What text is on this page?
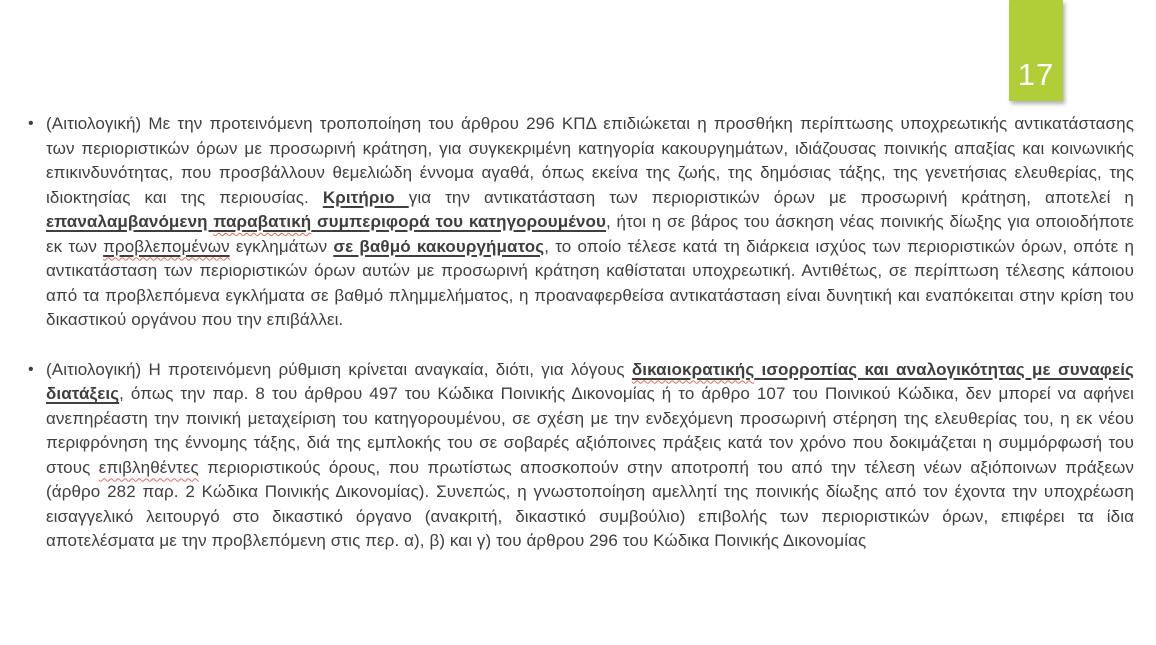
17
• (Αιτιολογική) Με την προτεινόμενη τροποποίηση του άρθρου 296 ΚΠΔ επιδιώκεται η προσθήκη περίπτωσης υποχρεωτικής αντικατάστασης των περιοριστικών όρων με προσωρινή κράτηση, για συγκεκριμένη κατηγορία κακουργημάτων, ιδιάζουσας ποινικής απαξίας και κοινωνικής επικινδυνότητας, που προσβάλλουν θεμελιώδη έννομα αγαθά, όπως εκείνα της ζωής, της δημόσιας τάξης, της γενετήσιας ελευθερίας, της ιδιοκτησίας και της περιουσίας. Κριτήριο για την αντικατάσταση των περιοριστικών όρων με προσωρινή κράτηση, αποτελεί η επαναλαμβανόμενη παραβατική συμπεριφορά του κατηγορουμένου, ήτοι η σε βάρος του άσκηση νέας ποινικής δίωξης για οποιοδήποτε εκ των προβλεπομένων εγκλημάτων σε βαθμό κακουργήματος, το οποίο τέλεσε κατά τη διάρκεια ισχύος των περιοριστικών όρων, οπότε η αντικατάσταση των περιοριστικών όρων αυτών με προσωρινή κράτηση καθίσταται υποχρεωτική. Αντιθέτως, σε περίπτωση τέλεσης κάποιου από τα προβλεπόμενα εγκλήματα σε βαθμό πλημμελήματος, η προαναφερθείσα αντικατάσταση είναι δυνητική και εναπόκειται στην κρίση του δικαστικού οργάνου που την επιβάλλει.
• (Αιτιολογική) Η προτεινόμενη ρύθμιση κρίνεται αναγκαία, διότι, για λόγους δικαιοκρατικής ισορροπίας και αναλογικότητας με συναφείς διατάξεις, όπως την παρ. 8 του άρθρου 497 του Κώδικα Ποινικής Δικονομίας ή το άρθρο 107 του Ποινικού Κώδικα, δεν μπορεί να αφήνει ανεπηρέαστη την ποινική μεταχείριση του κατηγορουμένου, σε σχέση με την ενδεχόμενη προσωρινή στέρηση της ελευθερίας του, η εκ νέου περιφρόνηση της έννομης τάξης, διά της εμπλοκής του σε σοβαρές αξιόποινες πράξεις κατά τον χρόνο που δοκιμάζεται η συμμόρφωσή του στους επιβληθέντες περιοριστικούς όρους, που πρωτίστως αποσκοπούν στην αποτροπή του από την τέλεση νέων αξιόποινων πράξεων (άρθρο 282 παρ. 2 Κώδικα Ποινικής Δικονομίας). Συνεπώς, η γνωστοποίηση αμελλητί της ποινικής δίωξης από τον έχοντα την υποχρέωση εισαγγελικό λειτουργό στο δικαστικό όργανο (ανακριτή, δικαστικό συμβούλιο) επιβολής των περιοριστικών όρων, επιφέρει τα ίδια αποτελέσματα με την προβλεπόμενη στις περ. α), β) και γ) του άρθρου 296 του Κώδικα Ποινικής Δικονομίας
